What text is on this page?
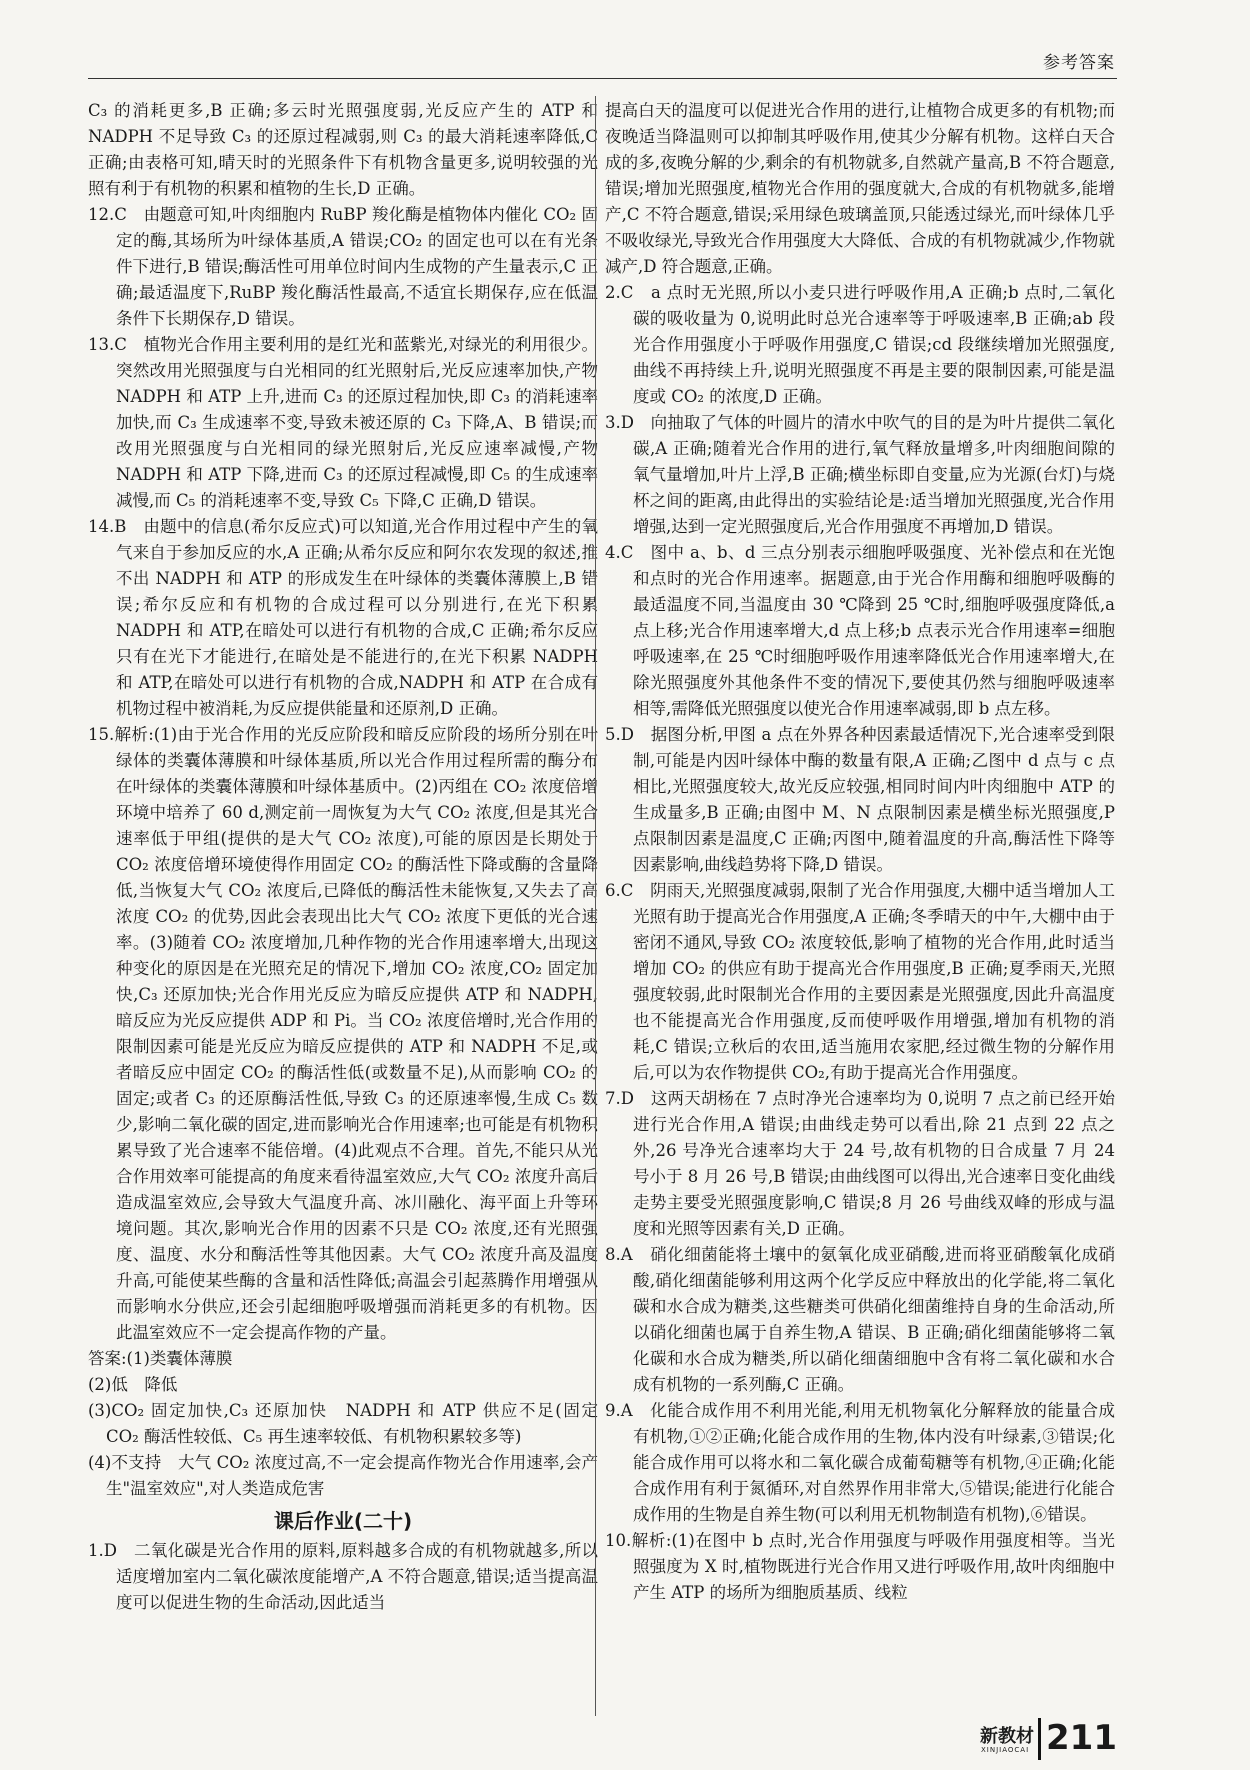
参考答案

C₃ 的消耗更多,B 正确;多云时光照强度弱,光反应产生的 ATP 和 NADPH 不足导致 C₃ 的还原过程减弱,则 C₃ 的最大消耗速率降低,C 正确;由表格可知,晴天时的光照条件下有机物含量更多,说明较强的光照有利于有机物的积累和植物的生长,D 正确。

12.C　由题意可知,叶肉细胞内 RuBP 羧化酶是植物体内催化 CO₂ 固定的酶,其场所为叶绿体基质,A 错误;CO₂ 的固定也可以在有光条件下进行,B 错误;酶活性可用单位时间内生成物的产生量表示,C 正确;最适温度下,RuBP 羧化酶活性最高,不适宜长期保存,应在低温条件下长期保存,D 错误。

13.C　植物光合作用主要利用的是红光和蓝紫光,对绿光的利用很少。突然改用光照强度与白光相同的红光照射后,光反应速率加快,产物 NADPH 和 ATP 上升,进而 C₃ 的还原过程加快,即 C₃ 的消耗速率加快,而 C₃ 生成速率不变,导致未被还原的 C₃ 下降,A、B 错误;而改用光照强度与白光相同的绿光照射后,光反应速率减慢,产物 NADPH 和 ATP 下降,进而 C₃ 的还原过程减慢,即 C₅ 的生成速率减慢,而 C₅ 的消耗速率不变,导致 C₅ 下降,C 正确,D 错误。

14.B　由题中的信息(希尔反应式)可以知道,光合作用过程中产生的氧气来自于参加反应的水,A 正确;从希尔反应和阿尔农发现的叙述,推不出 NADPH 和 ATP 的形成发生在叶绿体的类囊体薄膜上,B 错误;希尔反应和有机物的合成过程可以分别进行,在光下积累 NADPH 和 ATP,在暗处可以进行有机物的合成,C 正确;希尔反应只有在光下才能进行,在暗处是不能进行的,在光下积累 NADPH 和 ATP,在暗处可以进行有机物的合成,NADPH 和 ATP 在合成有机物过程中被消耗,为反应提供能量和还原剂,D 正确。

15.解析:(1)由于光合作用的光反应阶段和暗反应阶段的场所分别在叶绿体的类囊体薄膜和叶绿体基质,所以光合作用过程所需的酶分布在叶绿体的类囊体薄膜和叶绿体基质中。(2)丙组在 CO₂ 浓度倍增环境中培养了 60 d,测定前一周恢复为大气 CO₂ 浓度,但是其光合速率低于甲组(提供的是大气 CO₂ 浓度),可能的原因是长期处于 CO₂ 浓度倍增环境使得作用固定 CO₂ 的酶活性下降或酶的含量降低,当恢复大气 CO₂ 浓度后,已降低的酶活性未能恢复,又失去了高浓度 CO₂ 的优势,因此会表现出比大气 CO₂ 浓度下更低的光合速率。(3)随着 CO₂ 浓度增加,几种作物的光合作用速率增大,出现这种变化的原因是在光照充足的情况下,增加 CO₂ 浓度,CO₂ 固定加快,C₃ 还原加快;光合作用光反应为暗反应提供 ATP 和 NADPH,暗反应为光反应提供 ADP 和 Pi。当 CO₂ 浓度倍增时,光合作用的限制因素可能是光反应为暗反应提供的 ATP 和 NADPH 不足,或者暗反应中固定 CO₂ 的酶活性低(或数量不足),从而影响 CO₂ 的固定;或者 C₃ 的还原酶活性低,导致 C₃ 的还原速率慢,生成 C₅ 数少,影响二氧化碳的固定,进而影响光合作用速率;也可能是有机物积累导致了光合速率不能倍增。(4)此观点不合理。首先,不能只从光合作用效率可能提高的角度来看待温室效应,大气 CO₂ 浓度升高后造成温室效应,会导致大气温度升高、冰川融化、海平面上升等环境问题。其次,影响光合作用的因素不只是 CO₂ 浓度,还有光照强度、温度、水分和酶活性等其他因素。大气 CO₂ 浓度升高及温度升高,可能使某些酶的含量和活性降低;高温会引起蒸腾作用增强从而影响水分供应,还会引起细胞呼吸增强而消耗更多的有机物。因此温室效应不一定会提高作物的产量。

答案:(1)类囊体薄膜

(2)低　降低

(3)CO₂ 固定加快,C₃ 还原加快　NADPH 和 ATP 供应不足(固定 CO₂ 酶活性较低、C₅ 再生速率较低、有机物积累较多等)

(4)不支持　大气 CO₂ 浓度过高,不一定会提高作物光合作用速率,会产生"温室效应",对人类造成危害

课后作业(二十)

1.D　二氧化碳是光合作用的原料,原料越多合成的有机物就越多,所以适度增加室内二氧化碳浓度能增产,A 不符合题意,错误;适当提高温度可以促进生物的生命活动,因此适当

提高白天的温度可以促进光合作用的进行,让植物合成更多的有机物;而夜晚适当降温则可以抑制其呼吸作用,使其少分解有机物。这样白天合成的多,夜晚分解的少,剩余的有机物就多,自然就产量高,B 不符合题意,错误;增加光照强度,植物光合作用的强度就大,合成的有机物就多,能增产,C 不符合题意,错误;采用绿色玻璃盖顶,只能透过绿光,而叶绿体几乎不吸收绿光,导致光合作用强度大大降低、合成的有机物就减少,作物就减产,D 符合题意,正确。

2.C　a 点时无光照,所以小麦只进行呼吸作用,A 正确;b 点时,二氧化碳的吸收量为 0,说明此时总光合速率等于呼吸速率,B 正确;ab 段光合作用强度小于呼吸作用强度,C 错误;cd 段继续增加光照强度,曲线不再持续上升,说明光照强度不再是主要的限制因素,可能是温度或 CO₂ 的浓度,D 正确。

3.D　向抽取了气体的叶圆片的清水中吹气的目的是为叶片提供二氧化碳,A 正确;随着光合作用的进行,氧气释放量增多,叶肉细胞间隙的氧气量增加,叶片上浮,B 正确;横坐标即自变量,应为光源(台灯)与烧杯之间的距离,由此得出的实验结论是:适当增加光照强度,光合作用增强,达到一定光照强度后,光合作用强度不再增加,D 错误。

4.C　图中 a、b、d 三点分别表示细胞呼吸强度、光补偿点和在光饱和点时的光合作用速率。据题意,由于光合作用酶和细胞呼吸酶的最适温度不同,当温度由 30 ℃降到 25 ℃时,细胞呼吸强度降低,a 点上移;光合作用速率增大,d 点上移;b 点表示光合作用速率=细胞呼吸速率,在 25 ℃时细胞呼吸作用速率降低光合作用速率增大,在除光照强度外其他条件不变的情况下,要使其仍然与细胞呼吸速率相等,需降低光照强度以使光合作用速率减弱,即 b 点左移。

5.D　据图分析,甲图 a 点在外界各种因素最适情况下,光合速率受到限制,可能是内因叶绿体中酶的数量有限,A 正确;乙图中 d 点与 c 点相比,光照强度较大,故光反应较强,相同时间内叶肉细胞中 ATP 的生成量多,B 正确;由图中 M、N 点限制因素是横坐标光照强度,P 点限制因素是温度,C 正确;丙图中,随着温度的升高,酶活性下降等因素影响,曲线趋势将下降,D 错误。

6.C　阴雨天,光照强度减弱,限制了光合作用强度,大棚中适当增加人工光照有助于提高光合作用强度,A 正确;冬季晴天的中午,大棚中由于密闭不通风,导致 CO₂ 浓度较低,影响了植物的光合作用,此时适当增加 CO₂ 的供应有助于提高光合作用强度,B 正确;夏季雨天,光照强度较弱,此时限制光合作用的主要因素是光照强度,因此升高温度也不能提高光合作用强度,反而使呼吸作用增强,增加有机物的消耗,C 错误;立秋后的农田,适当施用农家肥,经过微生物的分解作用后,可以为农作物提供 CO₂,有助于提高光合作用强度。

7.D　这两天胡杨在 7 点时净光合速率均为 0,说明 7 点之前已经开始进行光合作用,A 错误;由曲线走势可以看出,除 21 点到 22 点之外,26 号净光合速率均大于 24 号,故有机物的日合成量 7 月 24 号小于 8 月 26 号,B 错误;由曲线图可以得出,光合速率日变化曲线走势主要受光照强度影响,C 错误;8 月 26 号曲线双峰的形成与温度和光照等因素有关,D 正确。

8.A　硝化细菌能将土壤中的氨氧化成亚硝酸,进而将亚硝酸氧化成硝酸,硝化细菌能够利用这两个化学反应中释放出的化学能,将二氧化碳和水合成为糖类,这些糖类可供硝化细菌维持自身的生命活动,所以硝化细菌也属于自养生物,A 错误、B 正确;硝化细菌能够将二氧化碳和水合成为糖类,所以硝化细菌细胞中含有将二氧化碳和水合成有机物的一系列酶,C 正确。

9.A　化能合成作用不利用光能,利用无机物氧化分解释放的能量合成有机物,①②正确;化能合成作用的生物,体内没有叶绿素,③错误;化能合成作用可以将水和二氧化碳合成葡萄糖等有机物,④正确;化能合成作用有利于氮循环,对自然界作用非常大,⑤错误;能进行化能合成作用的生物是自养生物(可以利用无机物制造有机物),⑥错误。

10.解析:(1)在图中 b 点时,光合作用强度与呼吸作用强度相等。当光照强度为 X 时,植物既进行光合作用又进行呼吸作用,故叶肉细胞中产生 ATP 的场所为细胞质基质、线粒

新教材
XINJIAOCAI 211
